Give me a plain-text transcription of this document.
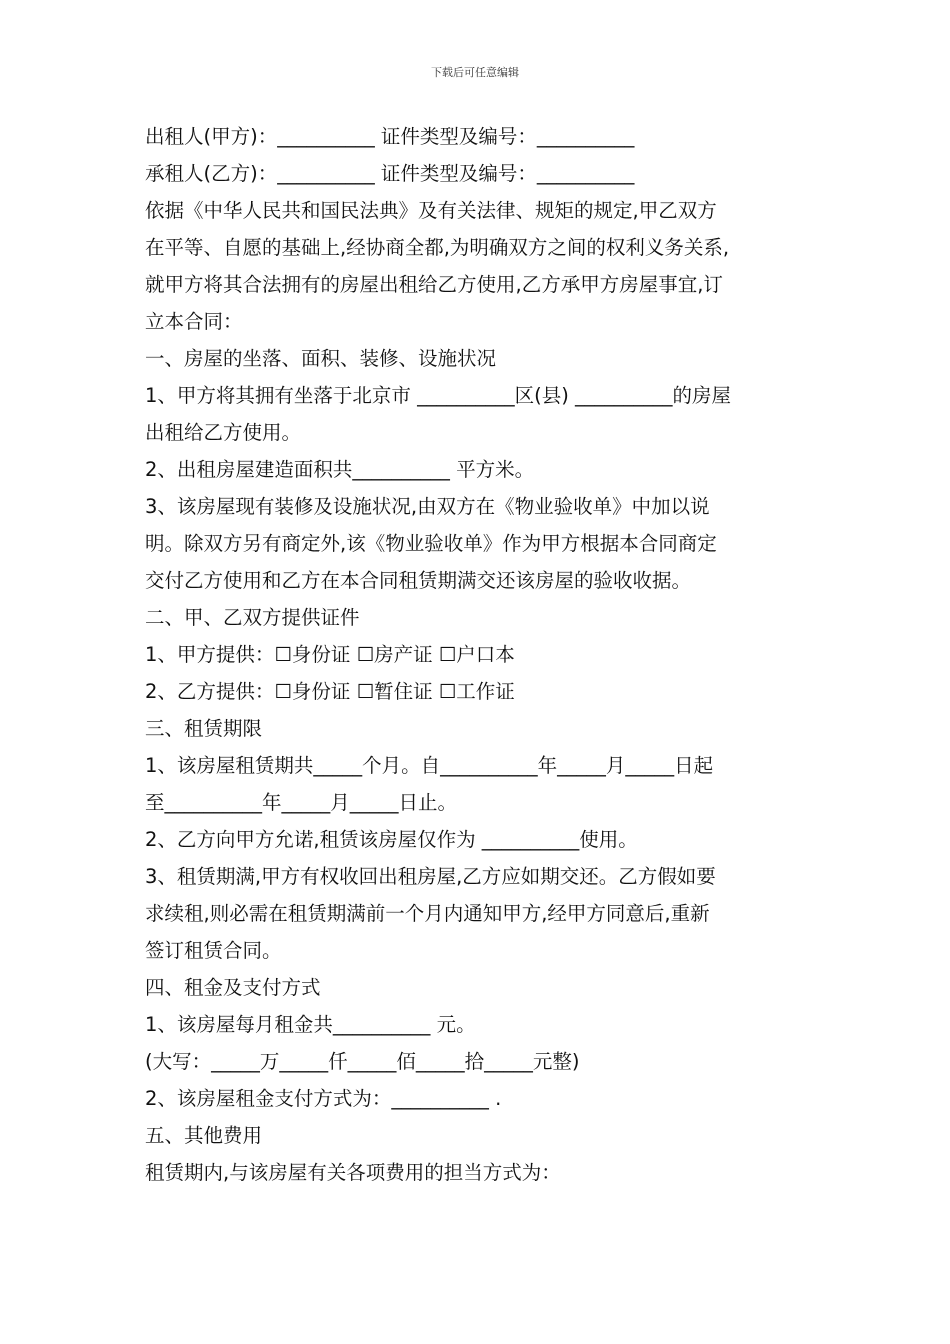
下载后可任意编辑
出租人(甲方)：__________ 证件类型及编号：__________
承租人(乙方)：__________ 证件类型及编号：__________
依据《中华人民共和国民法典》及有关法律、规矩的规定,甲乙双方
在平等、自愿的基础上,经协商全都,为明确双方之间的权利义务关系,
就甲方将其合法拥有的房屋出租给乙方使用,乙方承甲方房屋事宜,订
立本合同：
一、房屋的坐落、面积、装修、设施状况
1、甲方将其拥有坐落于北京市 __________区(县) __________的房屋
出租给乙方使用。
2、出租房屋建造面积共__________ 平方米。
3、该房屋现有装修及设施状况,由双方在《物业验收单》中加以说
明。除双方另有商定外,该《物业验收单》作为甲方根据本合同商定
交付乙方使用和乙方在本合同租赁期满交还该房屋的验收收据。
二、甲、乙双方提供证件
1、甲方提供：☐身份证 ☐房产证 ☐户口本
2、乙方提供：☐身份证 ☐暂住证 ☐工作证
三、租赁期限
1、该房屋租赁期共_____个月。自__________年_____月_____日起
至__________年_____月_____日止。
2、乙方向甲方允诺,租赁该房屋仅作为 __________使用。
3、租赁期满,甲方有权收回出租房屋,乙方应如期交还。乙方假如要
求续租,则必需在租赁期满前一个月内通知甲方,经甲方同意后,重新
签订租赁合同。
四、租金及支付方式
1、该房屋每月租金共__________ 元。
(大写：_____万_____仟_____佰_____拾_____元整)
2、该房屋租金支付方式为：__________ .
五、其他费用
租赁期内,与该房屋有关各项费用的担当方式为：
